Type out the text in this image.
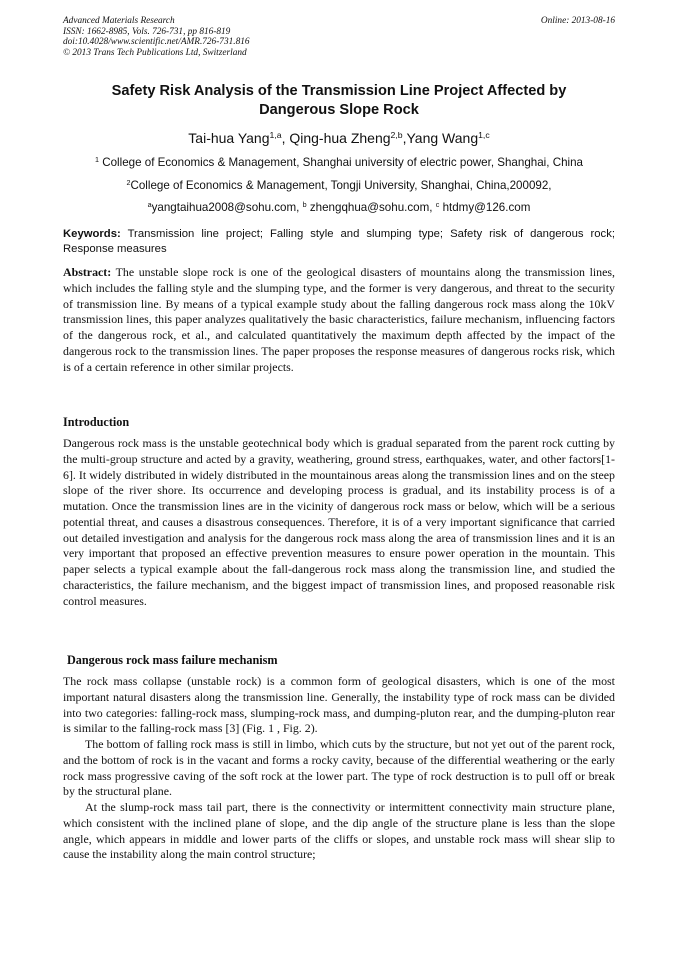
Advanced Materials Research
ISSN: 1662-8985, Vols. 726-731, pp 816-819
doi:10.4028/www.scientific.net/AMR.726-731.816
© 2013 Trans Tech Publications Ltd, Switzerland
Online: 2013-08-16
Safety Risk Analysis of the Transmission Line Project Affected by
Dangerous Slope Rock
Tai-hua Yang$^{1,a}$, Qing-hua Zheng$^{2,b}$,Yang Wang$^{1,c}$
$^1$ College of Economics & Management, Shanghai university of electric power, Shanghai, China
$^2$College of Economics & Management, Tongji University, Shanghai, China,200092,
$^a$yangtaihua2008@sohu.com, $^b$ zhengqhua@sohu.com, $^c$ htdmy@126.com
Keywords: Transmission line project; Falling style and slumping type; Safety risk of dangerous rock; Response measures
Abstract: The unstable slope rock is one of the geological disasters of mountains along the transmission lines, which includes the falling style and the slumping type, and the former is very dangerous, and threat to the security of transmission line. By means of a typical example study about the falling dangerous rock mass along the 10kV transmission lines, this paper analyzes qualitatively the basic characteristics, failure mechanism, influencing factors of the dangerous rock, et al., and calculated quantitatively the maximum depth affected by the impact of the dangerous rock to the transmission lines. The paper proposes the response measures of dangerous rocks risk, which is of a certain reference in other similar projects.
Introduction
Dangerous rock mass is the unstable geotechnical body which is gradual separated from the parent rock cutting by the multi-group structure and acted by a gravity, weathering, ground stress, earthquakes, water, and other factors[1-6]. It widely distributed in widely distributed in the mountainous areas along the transmission lines and on the steep slope of the river shore. Its occurrence and developing process is gradual, and its instability process is of a mutation. Once the transmission lines are in the vicinity of dangerous rock mass or below, which will be a serious potential threat, and causes a disastrous consequences. Therefore, it is of a very important significance that carried out detailed investigation and analysis for the dangerous rock mass along the area of transmission lines and it is an very important that proposed an effective prevention measures to ensure power operation in the mountain. This paper selects a typical example about the fall-dangerous rock mass along the transmission line, and studied the characteristics, the failure mechanism, and the biggest impact of transmission lines, and proposed reasonable risk control measures.
Dangerous rock mass failure mechanism

The rock mass collapse (unstable rock) is a common form of geological disasters, which is one of the most important natural disasters along the transmission line. Generally, the instability type of rock mass can be divided into two categories: falling-rock mass, slumping-rock mass, and dumping-pluton rear, and the dumping-pluton rear is similar to the falling-rock mass [3] (Fig. 1 , Fig. 2).

The bottom of falling rock mass is still in limbo, which cuts by the structure, but not yet out of the parent rock, and the bottom of rock is in the vacant and forms a rocky cavity, because of the differential weathering or the early rock mass progressive caving of the soft rock at the lower part. The type of rock destruction is to pull off or break by the structural plane.

At the slump-rock mass tail part, there is the connectivity or intermittent connectivity main structure plane, which consistent with the inclined plane of slope, and the dip angle of the structure plane is less than the slope angle, which appears in middle and lower parts of the cliffs or slopes, and unstable rock mass will shear slip to cause the instability along the main control structure;
